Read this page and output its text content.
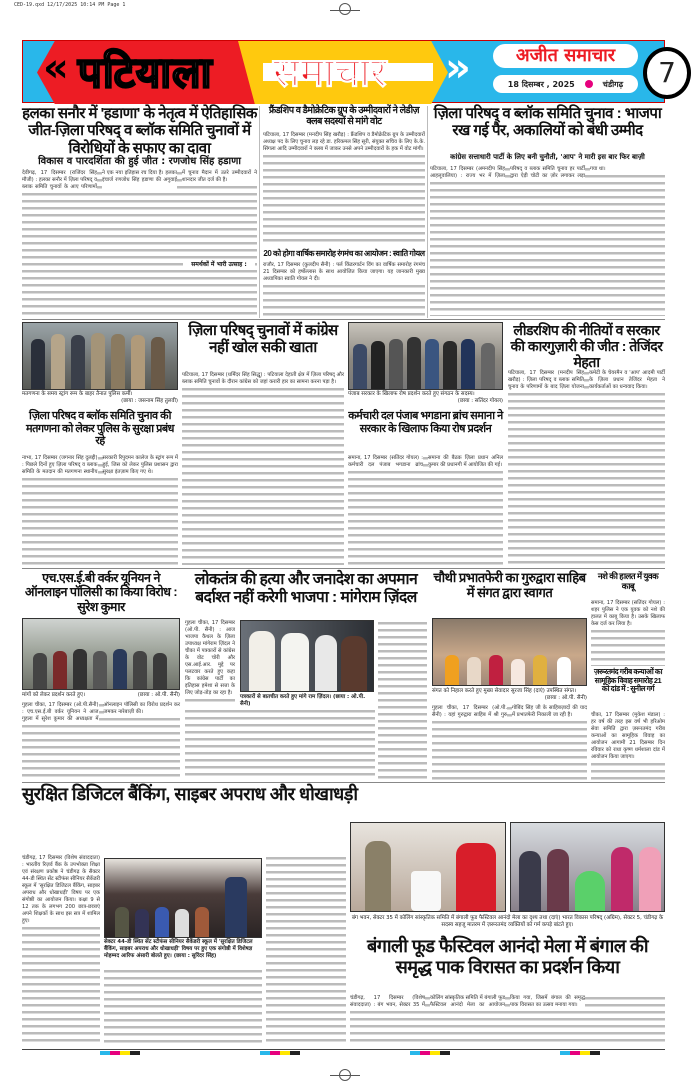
CED-19.qxd 12/17/2025 10:14 PM Page 1
«	»
पटियाला समाचार	अजीत समाचार
18 दिसम्बर , 2025	चंडीगढ़	7
हलका सनौर में 'हडाणा' के नेतृत्व में ऐतिहासिक जीत-ज़िला परिषद् व ब्लॉक समिति चुनावों में विरोधियों के सफाए का दावा
विकास व पारदर्शिता की हुई जीत : रणजोध सिंह हडाणा

देवीगढ़, 17 दिसम्बर (राजिंदर सिंह मौजी) : हलका सनौर में ज़िला परिषद् व ब्लाक समिति चुनावों के आए परिणामों ने एक नया इतिहास रच दिया है। हलका इंचार्ज रणजोध सिंह हडाणा की अगुवाई में चुनाव मैदान में उतरे उम्मीदवारों ने शानदार जीत दर्ज की है।

समर्थकों में भारी उत्साह :
फ्रैंडशिप व डैमोक्रेटिक ग्रुप के उम्मीदवारों ने लेडीज़ क्लब सदस्यों से मांगे वोट

पटियाला, 17 दिसम्बर (मनदीप सिंह खरौड़) : फ्रैंडशिप व डैमोक्रेटिक ग्रुप के उम्मीदवारों अध्यक्ष पद के लिए चुनाव लड़ रहे डा. हरिकमल सिंह सूरी, संयुक्त सचिव के लिए के.के. सिंगला आदि उम्मीदवारों ने क्लब में जाकर उनसे अपने उम्मीदवारों के हक में वोट मांगी।

20 को होगा वार्षिक समारोह रंगमंच का आयोजन : स्वाति गोयल

राजौर, 17 दिसम्बर (कुलदीप सैनी) : पर्ल किंडरगार्टन विंग का वार्षिक समारोह रंगमंच 21 दिसम्बर को हर्षोल्लास के साथ आयोजित किया जाएगा। यह जानकारी मुख्य अध्यापिका स्वाति गोयल ने दी।

ज़िला परिषद् व ब्लॉक समिति चुनाव : भाजपा रख गई पैर, अकालियों को बंधी उम्मीद
कांग्रेस सत्ताधारी पार्टी के लिए बनी चुनौती, 'आप' ने मारी इस बार फिर बाज़ी

पटियाला, 17 दिसम्बर (अमनदीप सिंह आहलूवालिया) : राज्य भर में ज़िला परिषद् व ब्लाक समिति चुनाव हर पार्टी द्वारा ऐड़ी चोटी का ज़ोर लगाकर लड़ा गया था।

मतगणना के समय स्ट्रांग रूम के बाहर तैनात पुलिस कर्मी।
(छाया : जसनाम सिंह तुलवी)
ज़िला परिषद व ब्लॉक समिति चुनाव की मतगणना को लेकर पुलिस के सुरक्षा प्रबंध रहे

नाभा, 17 दिसम्बर (जगनार सिंह दुलद्दी) : पिछले दिनों हुए ज़िला परिषद् व ब्लाक समिति के मतदान की मतगणना स्थानीय सरकारी रिपुदमन कालेज के स्ट्रांग रूम में हुई, जिस को लेकर पुलिस प्रशासन द्वारा सुरक्षा इंतज़ाम किए गए थे।

ज़िला परिषद् चुनावों में कांग्रेस नहीं खोल सकी खाता

पटियाला, 17 दिसम्बर (धर्मिंदर सिंह सिद्धू) : पटियाला देहाती क्षेत्र में ज़िला परिषद् और ब्लाक समिति चुनावों के दौरान कांग्रेस को जहां करारी हार का सामना करना पड़ा है।

पंजाब सरकार के खिलाफ रोष प्रदर्शन करते हुए संगठन के सदस्य।
(छाया : सतिंदर गोयल)
कर्मचारी दल पंजाब भगडाना ब्रांच समाना ने सरकार के खिलाफ किया रोष प्रदर्शन

समाना, 17 दिसम्बर (सतिंदर गोयल) : कर्मचारी दल पंजाब भगडाना ब्रांच समाना की बैठक ज़िला प्रधान अनिल कुमार की प्रधानगी में आयोजित की गई।

लीडरशिप की नीतियों व सरकार की कारगुज़ारी की जीत : तेजिंदर मेहता

पटियाला, 17 दिसम्बर (मनदीप सिंह खरौड़) : ज़िला परिषद् व ब्लाक समिति चुनाव के परिणामों के बाद ज़िला योजना कमेटी के चेयरमैन व 'आप' आदमी पार्टी के ज़िला प्रधान तेजिंदर मेहता ने कार्यकर्ताओं का धन्यवाद किया।

एच.एस.ई.बी वर्कर यूनियन ने ऑनलाइन पॉलिसी का किया विरोध : सुरेश कुमार
मांगों को लेकर प्रदर्शन करते हुए।	(छाया : ओ.पी. सैनी)

गुहला चीका, 17 दिसम्बर (ओ.पी.सैनी) : एच.एस.ई.बी वर्कर यूनियन ने आज गुहला में सुरेश कुमार की अध्यक्षता में ऑनलाइन पॉलिसी का विरोध प्रदर्शन कर जमकर नारेबाज़ी की।

लोकतंत्र की हत्या और जनादेश का अपमान बर्दाश्त नहीं करेगी भाजपा : मांगेराम ज़िंदल
पत्रकारों से बातचीत करते हुए मांगे राम ज़िंदल। (छाया : ओ.पी. सैनी)

गुहला चीका, 17 दिसम्बर (ओ.पी. सैनी) : आज भाजपा कैथल के ज़िला उपाध्यक्ष मांगेराम ज़िंदल ने चीका में पत्रकारों से कांग्रेस के वोट चोरी और एस.आई.आर. मुद्दे पर पलटवार करते हुए कहा कि कांग्रेस पार्टी का इतिहास हमेशा से सत्ता के लिए जोड़-तोड़ का रहा है।

चौथी प्रभातफेरी का गुरुद्वारा साहिब में संगत द्वारा स्वागत
संगत को निहाल करते हुए मुख्य सेवादार सुरजा सिंह (दाएं) उपस्थित संगत।
(छाया : ओ.पी. सैनी)

गुहला चीका, 17 दिसम्बर (ओ.पी. सैनी) : यहां गुरुद्वारा साहिब में श्री गुरु गोबिंद सिंह जी के साहिबज़ादों की याद में प्रभातफेरी निकाली जा रही है।

नशे की हालत में युवक काबू

समाना, 17 दिसम्बर (सतिंदर गोयल) : शहर पुलिस ने एक युवक को नशे की हालत में काबू किया है। उसके खिलाफ केस दर्ज कर लिया है।

ज़रूरतमंद गरीब कन्याओं का सामूहिक विवाह समारोह 21 को दांड में : सुनील गर्ग

चीका, 17 दिसम्बर (मुकेश मंडाल) : हर वर्ष की तरह इस वर्ष भी हरिओम सेवा समिति द्वारा ज़रूरतमंद गरीब कन्याओं का सामूहिक विवाह का आयोजन आगामी 21 दिसम्बर दिन रविवार को राधा कृष्ण धर्मशाला दांड में आयोजन किया जाएगा।

सुरक्षित डिजिटल बैंकिंग, साइबर अपराध और धोखाधड़ी

चंडीगढ़, 17 दिसम्बर (विशेष संवाददाता) : भारतीय रिज़र्व बैंक के उपभोक्ता शिक्षा एवं संरक्षण प्रकोष्ठ ने चंडीगढ़ के सैक्टर 44-डी स्थित सेंट स्टीफंस सीनियर सैकेंडरी स्कूल में 'सुरक्षित डिजिटल बैंकिंग, साइबर अपराध और धोखाधड़ी' विषय पर एक संगोष्ठी का आयोजन किया। कक्षा 9 से 12 तक के लगभग 200 छात्र-छात्राएं अपने शिक्षकों के साथ इस सत्र में शामिल हुए।

सेक्टर 44-डी स्थित सेंट स्टीफंस सीनियर सैकेंडरी स्कूल में 'सुरक्षित डिजिटल बैंकिंग, साइबर अपराध और धोखाधड़ी' विषय पर हुए एक संगोष्ठी में विशेषज्ञ मोहम्मद आरिफ अंसारी बोलते हुए। (छाया : सुरिंदर सिंह)
बंग भवन, सेक्टर 35 में कोलिंग सांस्कृतिक समिति में बंगाली फूड फैस्टिवल आनंदो मेला का दृश्य तथा (दाएं) भारत विकास परिषद् (अग्रिम), सेक्टर 5, चंडीगढ़ के सदस्य सहजू मातरम में ज़रूरतमंद व्यक्तियों को गर्म कपड़े बांटते हुए।
बंगाली फूड फैस्टिवल आनंदो मेला में बंगाल की समृद्ध पाक विरासत का प्रदर्शन किया

चंडीगढ़, 17 दिसम्बर (विशेष संवाददाता) : बंग भवन, सेक्टर 35 में कोलिंग सांस्कृतिक समिति में बंगाली फूड फैस्टिवल आनंदो मेला का आयोजन किया गया, जिसमें बंगाल की समृद्ध पाक विरासत का उत्सव मनाया गया।
